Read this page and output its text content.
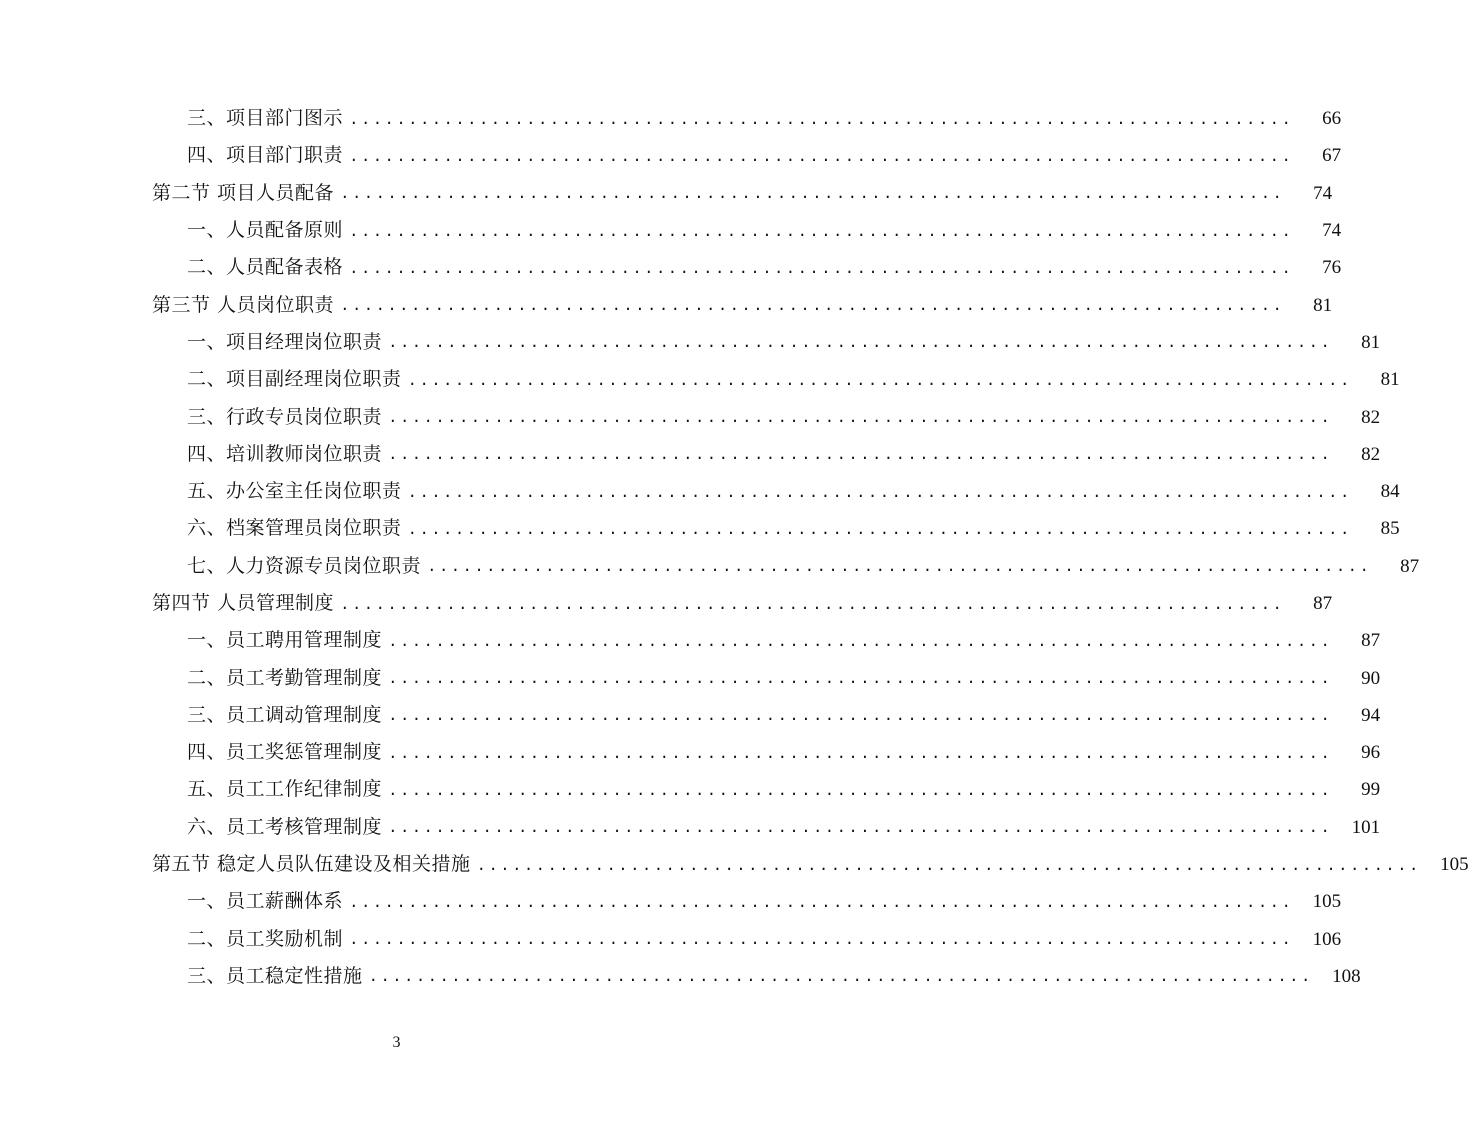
三、项目部门图示 ................................................................................	66
四、项目部门职责 ................................................................................	67
第二节 项目人员配备 ................................................................................	74
一、人员配备原则 ................................................................................	74
二、人员配备表格 ................................................................................	76
第三节 人员岗位职责 ................................................................................	81
一、项目经理岗位职责 ................................................................................	81
二、项目副经理岗位职责 ................................................................................	81
三、行政专员岗位职责 ................................................................................	82
四、培训教师岗位职责 ................................................................................	82
五、办公室主任岗位职责 ................................................................................	84
六、档案管理员岗位职责 ................................................................................	85
七、人力资源专员岗位职责 ................................................................................	87
第四节 人员管理制度 ................................................................................	87
一、员工聘用管理制度 ................................................................................	87
二、员工考勤管理制度 ................................................................................	90
三、员工调动管理制度 ................................................................................	94
四、员工奖惩管理制度 ................................................................................	96
五、员工工作纪律制度 ................................................................................	99
六、员工考核管理制度 ................................................................................	101
第五节 稳定人员队伍建设及相关措施 ................................................................................	105
一、员工薪酬体系 ................................................................................	105
二、员工奖励机制 ................................................................................	106
三、员工稳定性措施 ................................................................................	108
3
